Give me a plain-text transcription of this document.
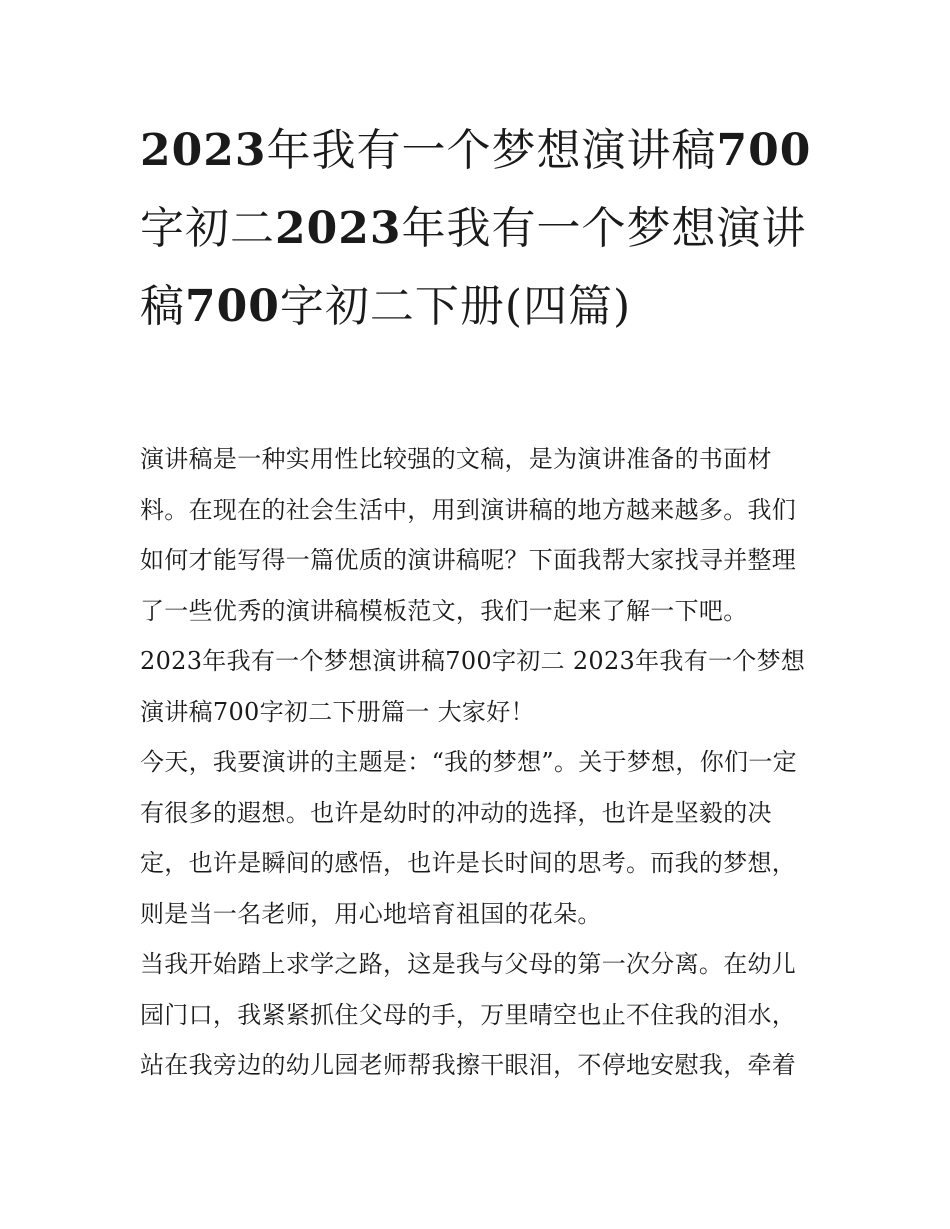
2023年我有一个梦想演讲稿700字初二2023年我有一个梦想演讲稿700字初二下册(四篇)

演讲稿是一种实用性比较强的文稿，是为演讲准备的书面材料。在现在的社会生活中，用到演讲稿的地方越来越多。我们如何才能写得一篇优质的演讲稿呢？下面我帮大家找寻并整理了一些优秀的演讲稿模板范文，我们一起来了解一下吧。

2023年我有一个梦想演讲稿700字初二 2023年我有一个梦想演讲稿700字初二下册篇一 大家好！

今天，我要演讲的主题是：“我的梦想”。关于梦想，你们一定有很多的遐想。也许是幼时的冲动的选择，也许是坚毅的决定，也许是瞬间的感悟，也许是长时间的思考。而我的梦想，则是当一名老师，用心地培育祖国的花朵。

当我开始踏上求学之路，这是我与父母的第一次分离。在幼儿园门口，我紧紧抓住父母的手，万里晴空也止不住我的泪水，站在我旁边的幼儿园老师帮我擦干眼泪，不停地安慰我，牵着
